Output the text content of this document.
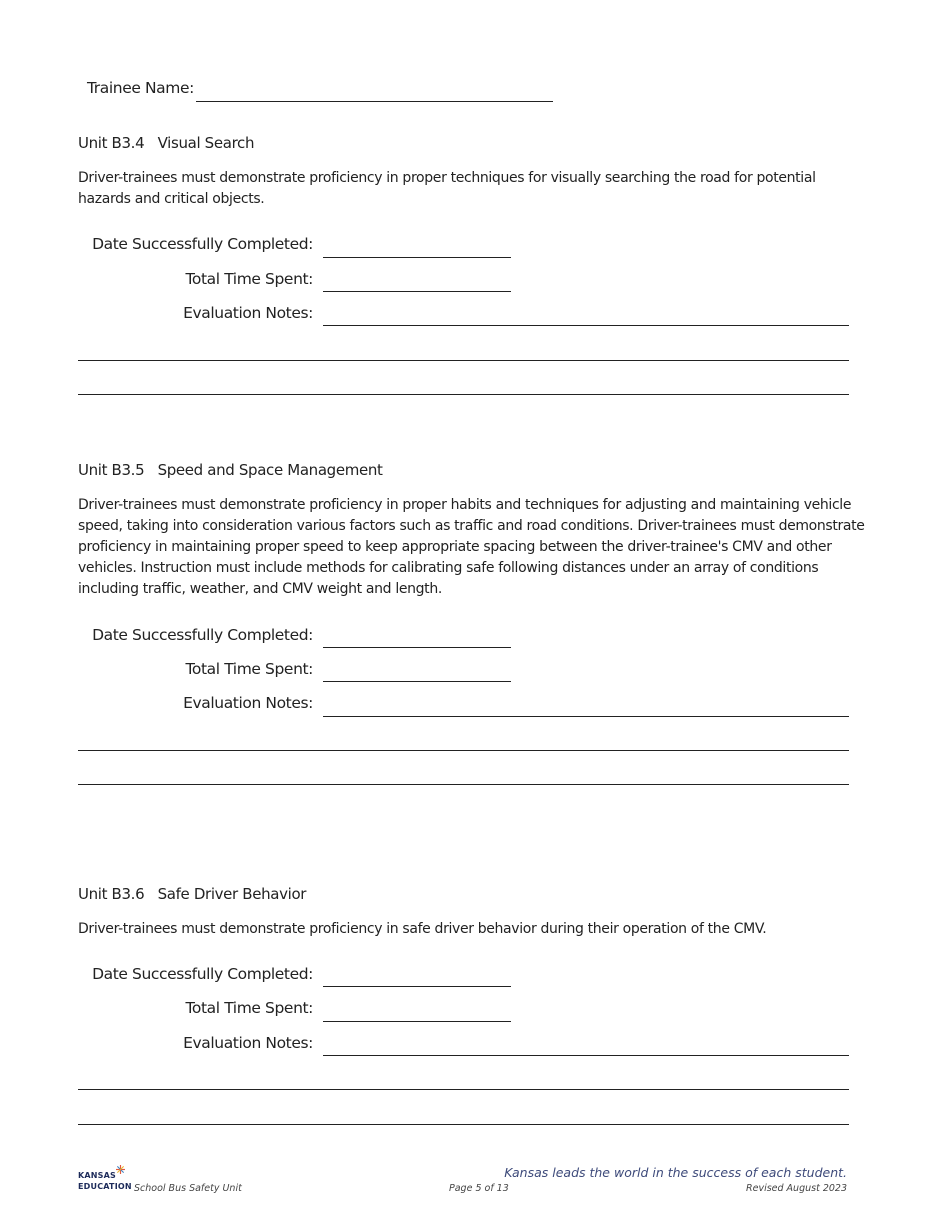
Trainee Name:
Unit B3.4 Visual Search
Driver-trainees must demonstrate proficiency in proper techniques for visually searching the road for potential hazards and critical objects.
Date Successfully Completed:
Total Time Spent:
Evaluation Notes:
Unit B3.5 Speed and Space Management
Driver-trainees must demonstrate proficiency in proper habits and techniques for adjusting and maintaining vehicle speed, taking into consideration various factors such as traffic and road conditions. Driver-trainees must demonstrate proficiency in maintaining proper speed to keep appropriate spacing between the driver-trainee's CMV and other vehicles. Instruction must include methods for calibrating safe following distances under an array of conditions including traffic, weather, and CMV weight and length.
Date Successfully Completed:
Total Time Spent:
Evaluation Notes:
Unit B3.6 Safe Driver Behavior
Driver-trainees must demonstrate proficiency in safe driver behavior during their operation of the CMV.
Date Successfully Completed:
Total Time Spent:
Evaluation Notes:
KANSAS

EDUCATION School Bus Safety Unit	Page 5 of 13
Kansas leads the world in the success of each student.
Revised August 2023
